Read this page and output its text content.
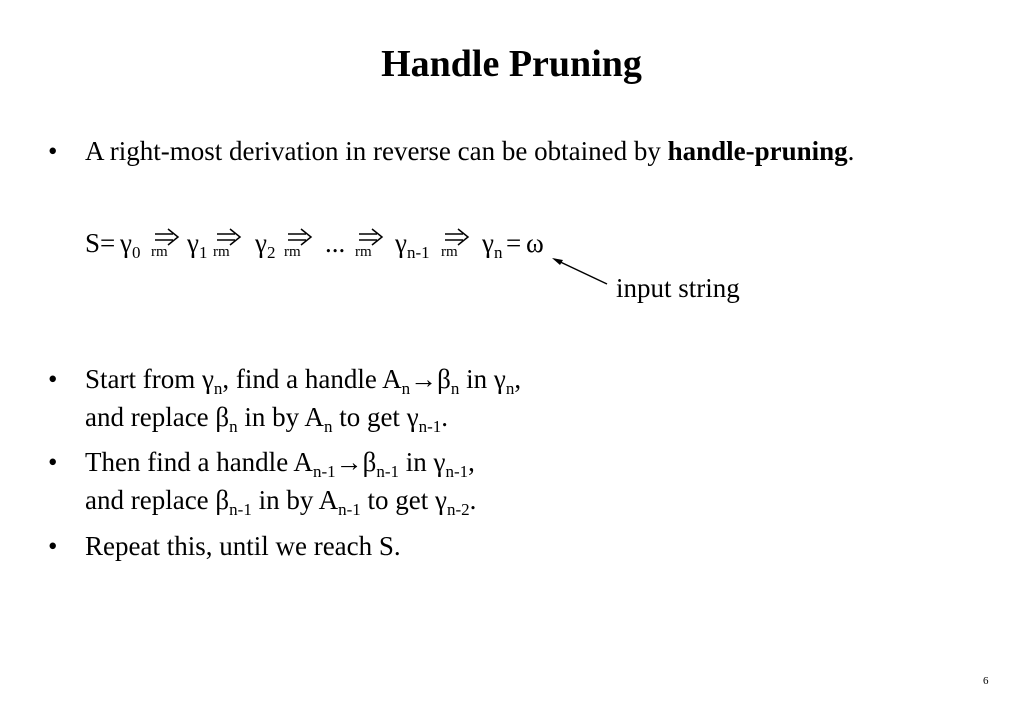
Handle Pruning
• A right-most derivation in reverse can be obtained by handle-pruning.
$S= \gamma_0$ rm $\gamma_1$ rm $\gamma_2$ rm ... rm $\gamma_{n-1}$ rm $\gamma_n = \omega$
input string
• Start from $\gamma_n$, find a handle $A_n\to\beta_n$ in $\gamma_n$,
and replace $\beta_n$ in by $A_n$ to get $\gamma_{n-1}$.
• Then find a handle $A_{n-1}\to\beta_{n-1}$ in $\gamma_{n-1}$,
and replace $\beta_{n-1}$ in by $A_{n-1}$ to get $\gamma_{n-2}$.
• Repeat this, until we reach S.
6
